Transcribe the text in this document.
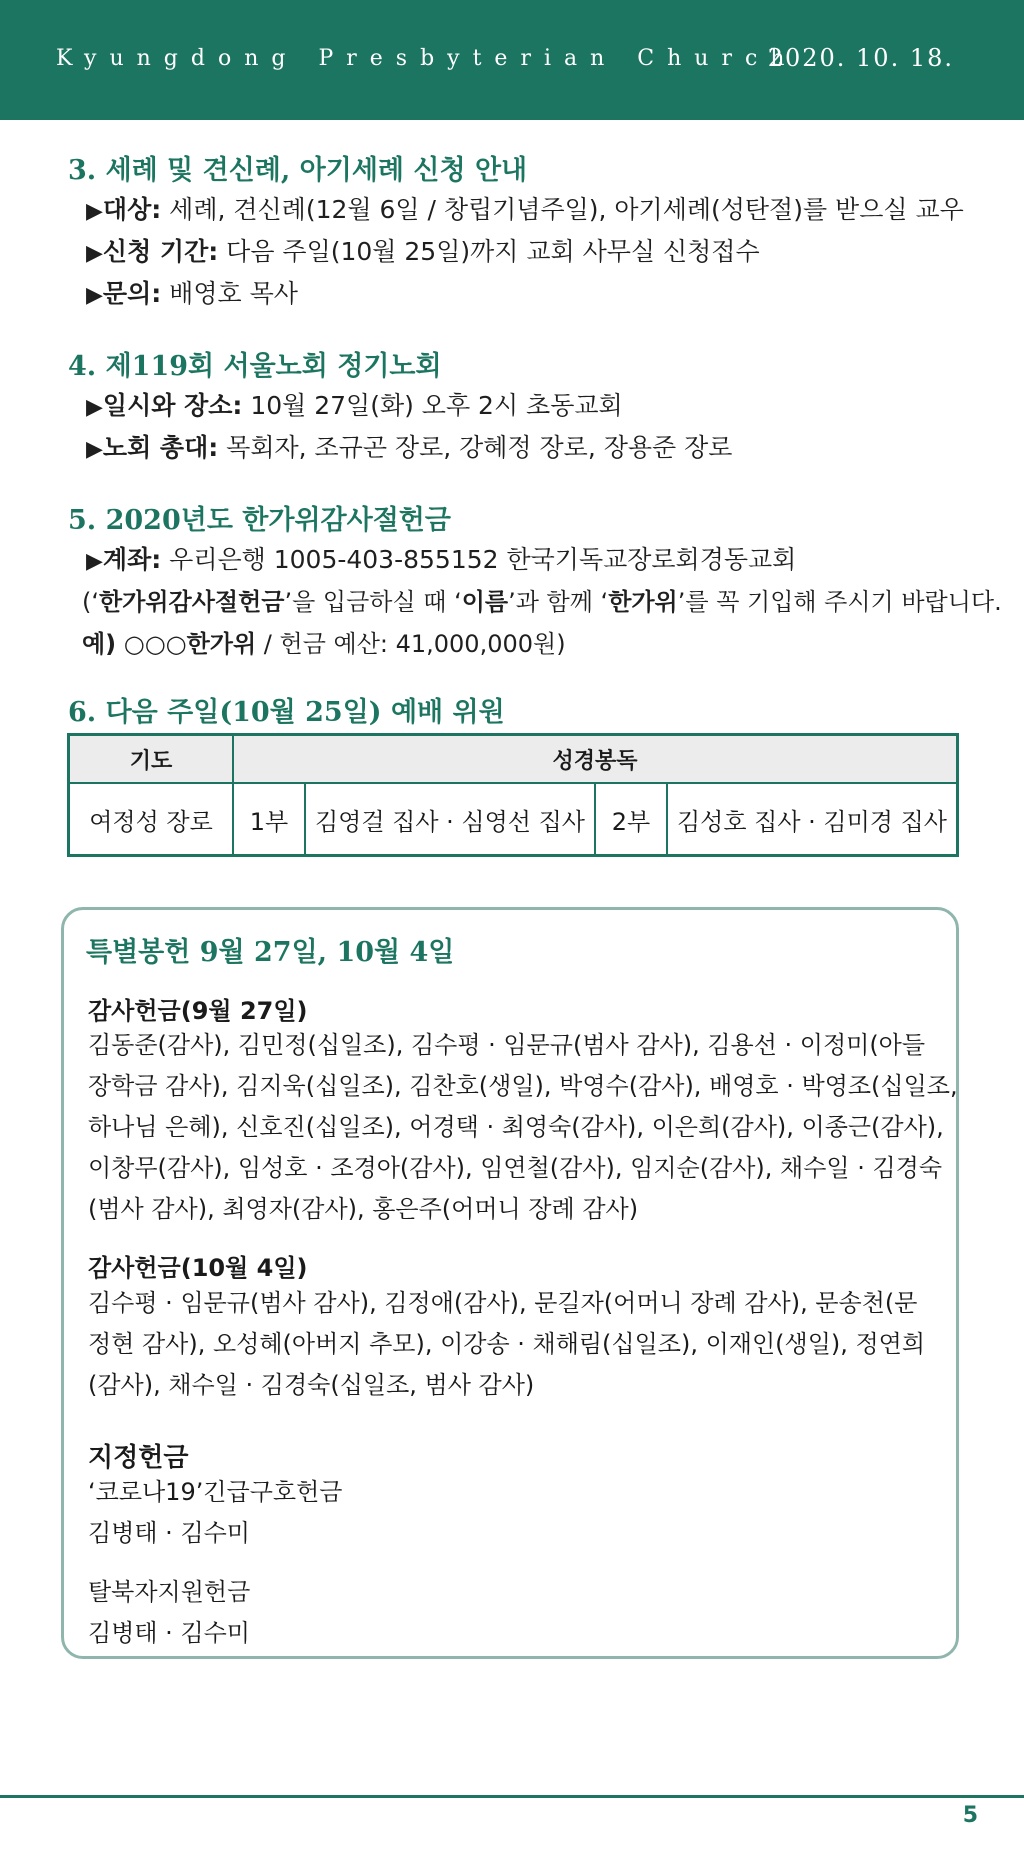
Kyungdong Presbyterian Church
2020. 10. 18.
3. 세례 및 견신례, 아기세례 신청 안내
▶대상: 세례, 견신례(12월 6일 / 창립기념주일), 아기세례(성탄절)를 받으실 교우
▶신청 기간: 다음 주일(10월 25일)까지 교회 사무실 신청접수
▶문의: 배영호 목사
4. 제119회 서울노회 정기노회
▶일시와 장소: 10월 27일(화) 오후 2시 초동교회
▶노회 총대: 목회자, 조규곤 장로, 강혜정 장로, 장용준 장로
5. 2020년도 한가위감사절헌금
▶계좌: 우리은행 1005-403-855152 한국기독교장로회경동교회
(‘한가위감사절헌금’을 입금하실 때 ‘이름’과 함께 ‘한가위’를 꼭 기입해 주시기 바랍니다.
예) ○○○한가위 / 헌금 예산: 41,000,000원)
6. 다음 주일(10월 25일) 예배 위원
기도	성경봉독			
여정성 장로	1부	김영걸 집사 · 심영선 집사	2부	김성호 집사 · 김미경 집사
특별봉헌 9월 27일, 10월 4일
감사헌금(9월 27일)
김동준(감사), 김민정(십일조), 김수평 · 임문규(범사 감사), 김용선 · 이정미(아들
장학금 감사), 김지욱(십일조), 김찬호(생일), 박영수(감사), 배영호 · 박영조(십일조,
하나님 은혜), 신호진(십일조), 어경택 · 최영숙(감사), 이은희(감사), 이종근(감사),
이창무(감사), 임성호 · 조경아(감사), 임연철(감사), 임지순(감사), 채수일 · 김경숙
(범사 감사), 최영자(감사), 홍은주(어머니 장례 감사)
감사헌금(10월 4일)
김수평 · 임문규(범사 감사), 김정애(감사), 문길자(어머니 장례 감사), 문송천(문
정현 감사), 오성혜(아버지 추모), 이강송 · 채해림(십일조), 이재인(생일), 정연희
(감사), 채수일 · 김경숙(십일조, 범사 감사)
지정헌금
‘코로나19’긴급구호헌금
김병태 · 김수미
탈북자지원헌금
김병태 · 김수미
5
